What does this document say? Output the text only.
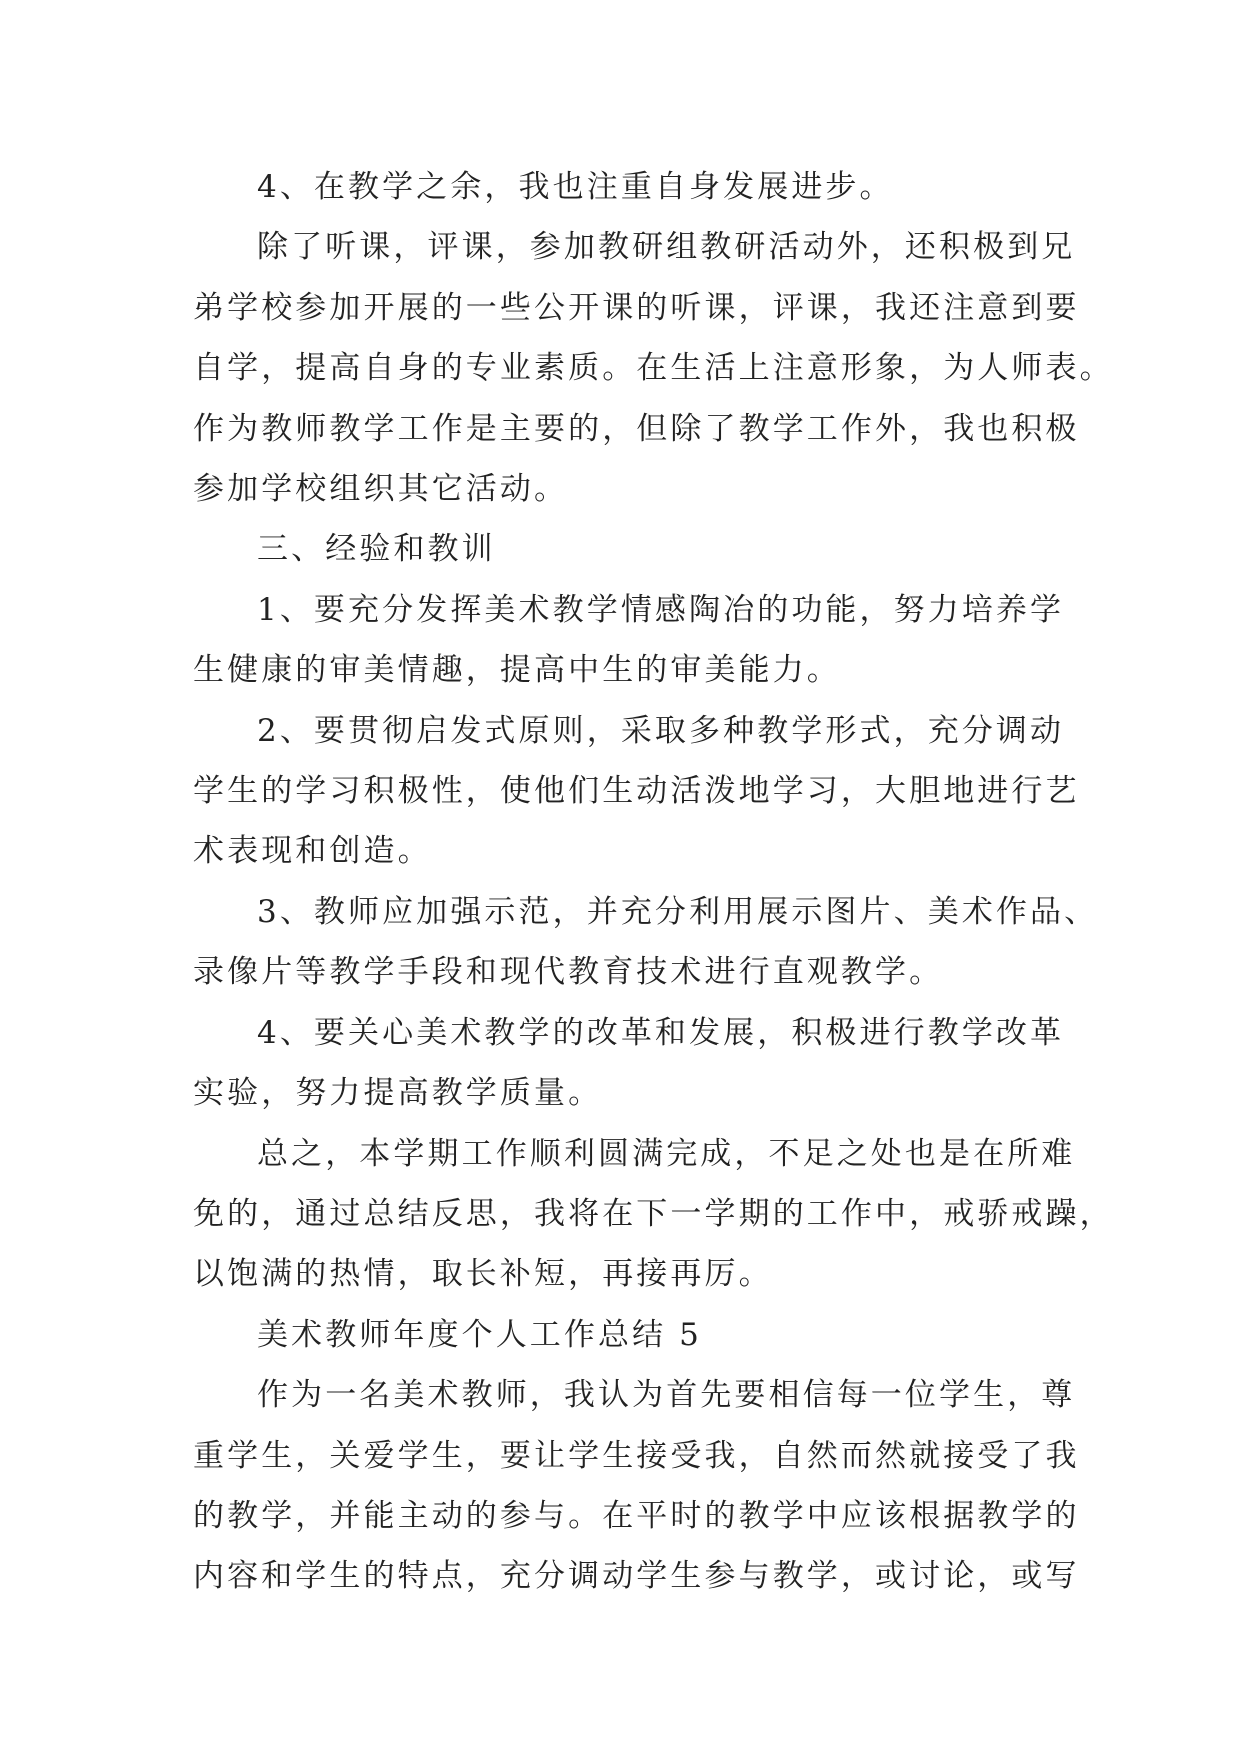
4、在教学之余，我也注重自身发展进步。

除了听课，评课，参加教研组教研活动外，还积极到兄
弟学校参加开展的一些公开课的听课，评课，我还注意到要
自学，提高自身的专业素质。在生活上注意形象，为人师表。
作为教师教学工作是主要的，但除了教学工作外，我也积极
参加学校组织其它活动。

三、经验和教训

1、要充分发挥美术教学情感陶冶的功能，努力培养学
生健康的审美情趣，提高中生的审美能力。

2、要贯彻启发式原则，采取多种教学形式，充分调动
学生的学习积极性，使他们生动活泼地学习，大胆地进行艺
术表现和创造。

3、教师应加强示范，并充分利用展示图片、美术作品、
录像片等教学手段和现代教育技术进行直观教学。

4、要关心美术教学的改革和发展，积极进行教学改革
实验，努力提高教学质量。

总之，本学期工作顺利圆满完成，不足之处也是在所难
免的，通过总结反思，我将在下一学期的工作中，戒骄戒躁，
以饱满的热情，取长补短，再接再厉。

美术教师年度个人工作总结 5

作为一名美术教师，我认为首先要相信每一位学生，尊
重学生，关爱学生，要让学生接受我，自然而然就接受了我
的教学，并能主动的参与。在平时的教学中应该根据教学的
内容和学生的特点，充分调动学生参与教学，或讨论，或写
